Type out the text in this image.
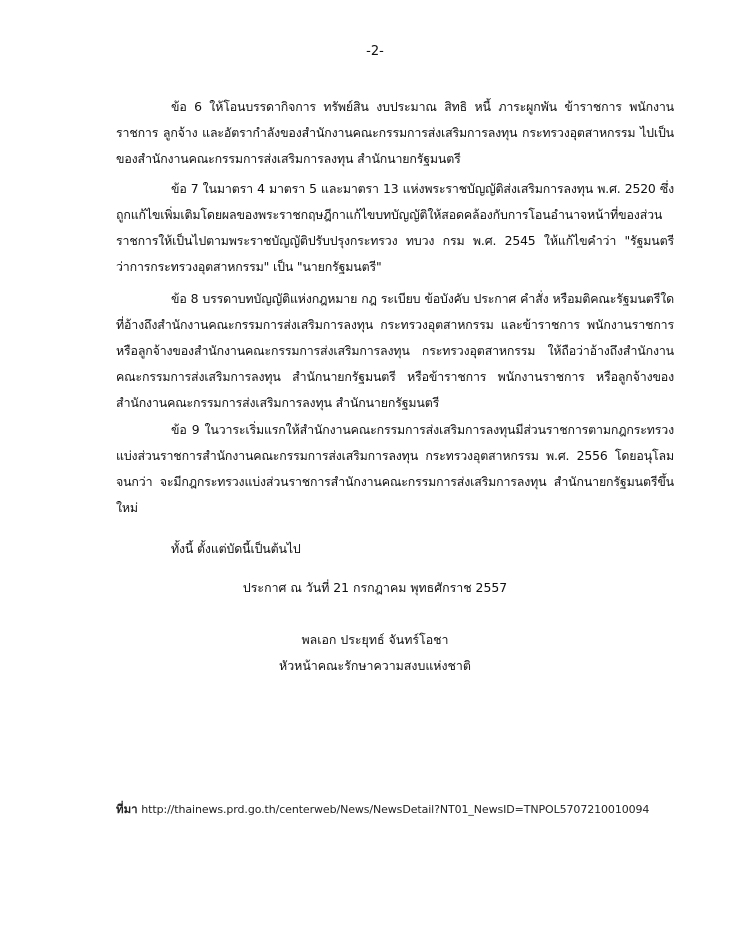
-2-

ข้อ 6 ให้โอนบรรดากิจการ ทรัพย์สิน งบประมาณ สิทธิ หนี้ ภาระผูกพัน ข้าราชการ พนักงานราชการ ลูกจ้าง และอัตรากำลังของสำนักงานคณะกรรมการส่งเสริมการลงทุน กระทรวงอุตสาหกรรม ไปเป็นของสำนักงานคณะกรรมการส่งเสริมการลงทุน สำนักนายกรัฐมนตรี

ข้อ 7 ในมาตรา 4 มาตรา 5 และมาตรา 13 แห่งพระราชบัญญัติส่งเสริมการลงทุน พ.ศ. 2520 ซึ่งถูกแก้ไขเพิ่มเติมโดยผลของพระราชกฤษฎีกาแก้ไขบทบัญญัติให้สอดคล้องกับการโอนอำนาจหน้าที่ของส่วนราชการให้เป็นไปตามพระราชบัญญัติปรับปรุงกระทรวง ทบวง กรม พ.ศ. 2545 ให้แก้ไขคำว่า "รัฐมนตรีว่าการกระทรวงอุตสาหกรรม" เป็น "นายกรัฐมนตรี"

ข้อ 8 บรรดาบทบัญญัติแห่งกฎหมาย กฎ ระเบียบ ข้อบังคับ ประกาศ คำสั่ง หรือมติคณะรัฐมนตรีใดที่อ้างถึงสำนักงานคณะกรรมการส่งเสริมการลงทุน กระทรวงอุตสาหกรรม และข้าราชการ พนักงานราชการหรือลูกจ้างของสำนักงานคณะกรรมการส่งเสริมการลงทุน กระทรวงอุตสาหกรรม ให้ถือว่าอ้างถึงสำนักงานคณะกรรมการส่งเสริมการลงทุน สำนักนายกรัฐมนตรี หรือข้าราชการ พนักงานราชการ หรือลูกจ้างของสำนักงานคณะกรรมการส่งเสริมการลงทุน สำนักนายกรัฐมนตรี

ข้อ 9 ในวาระเริ่มแรกให้สำนักงานคณะกรรมการส่งเสริมการลงทุนมีส่วนราชการตามกฎกระทรวงแบ่งส่วนราชการสำนักงานคณะกรรมการส่งเสริมการลงทุน กระทรวงอุตสาหกรรม พ.ศ. 2556 โดยอนุโลมจนกว่า จะมีกฎกระทรวงแบ่งส่วนราชการสำนักงานคณะกรรมการส่งเสริมการลงทุน สำนักนายกรัฐมนตรีขึ้นใหม่

ทั้งนี้ ตั้งแต่บัดนี้เป็นต้นไป

ประกาศ ณ วันที่ 21 กรกฎาคม พุทธศักราช 2557
พลเอก ประยุทธ์ จันทร์โอชา
หัวหน้าคณะรักษาความสงบแห่งชาติ
ที่มา http://thainews.prd.go.th/centerweb/News/NewsDetail?NT01_NewsID=TNPOL5707210010094
